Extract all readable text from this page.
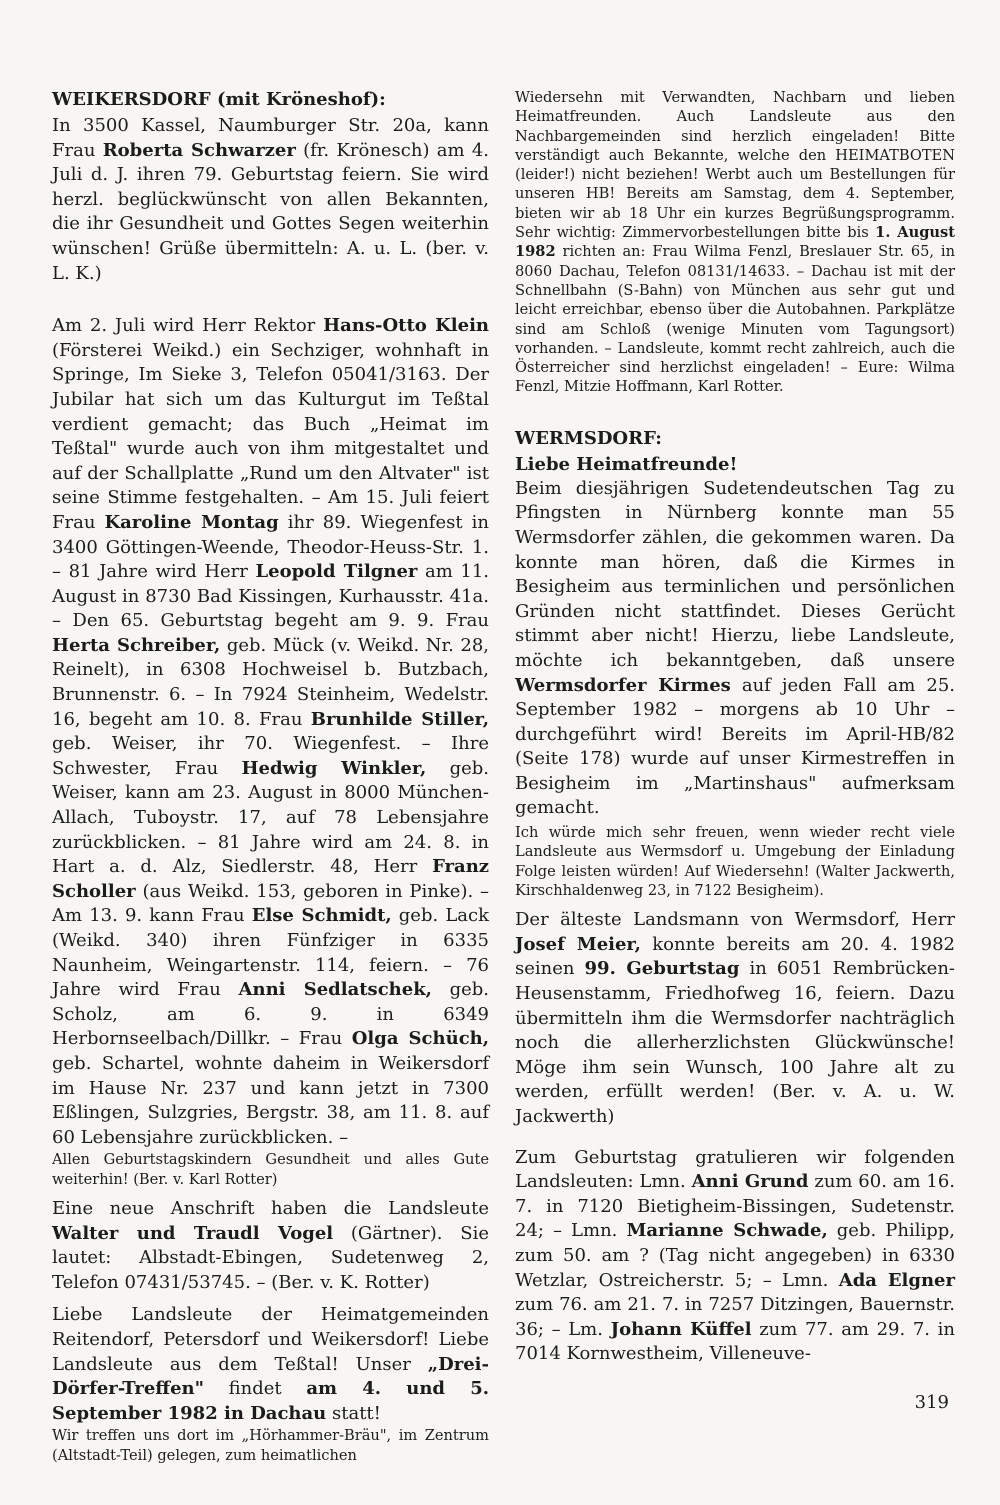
WEIKERSDORF (mit Kröneshof):

In 3500 Kassel, Naumburger Str. 20a, kann Frau Roberta Schwarzer (fr. Krönesch) am 4. Juli d. J. ihren 79. Geburtstag feiern. Sie wird herzl. beglückwünscht von allen Bekannten, die ihr Gesundheit und Gottes Segen weiterhin wünschen! Grüße übermitteln: A. u. L. (ber. v. L. K.)

Am 2. Juli wird Herr Rektor Hans-Otto Klein (Försterei Weikd.) ein Sechziger, wohnhaft in Springe, Im Sieke 3, Telefon 05041/3163. Der Jubilar hat sich um das Kulturgut im Teßtal verdient gemacht; das Buch „Heimat im Teßtal" wurde auch von ihm mitgestaltet und auf der Schallplatte „Rund um den Altvater" ist seine Stimme festgehalten. – Am 15. Juli feiert Frau Karoline Montag ihr 89. Wiegenfest in 3400 Göttingen-Weende, Theodor-Heuss-Str. 1. – 81 Jahre wird Herr Leopold Tilgner am 11. August in 8730 Bad Kissingen, Kurhausstr. 41a. – Den 65. Geburtstag begeht am 9. 9. Frau Herta Schreiber, geb. Mück (v. Weikd. Nr. 28, Reinelt), in 6308 Hochweisel b. Butzbach, Brunnenstr. 6. – In 7924 Steinheim, Wedelstr. 16, begeht am 10. 8. Frau Brunhilde Stiller, geb. Weiser, ihr 70. Wiegenfest. – Ihre Schwester, Frau Hedwig Winkler, geb. Weiser, kann am 23. August in 8000 München-Allach, Tuboystr. 17, auf 78 Lebensjahre zurückblicken. – 81 Jahre wird am 24. 8. in Hart a. d. Alz, Siedlerstr. 48, Herr Franz Scholler (aus Weikd. 153, geboren in Pinke). – Am 13. 9. kann Frau Else Schmidt, geb. Lack (Weikd. 340) ihren Fünfziger in 6335 Naunheim, Weingartenstr. 114, feiern. – 76 Jahre wird Frau Anni Sedlatschek, geb. Scholz, am 6. 9. in 6349 Herbornseelbach/Dillkr. – Frau Olga Schüch, geb. Schartel, wohnte daheim in Weikersdorf im Hause Nr. 237 und kann jetzt in 7300 Eßlingen, Sulzgries, Bergstr. 38, am 11. 8. auf 60 Lebensjahre zurückblicken. –

Allen Geburtstagskindern Gesundheit und alles Gute weiterhin! (Ber. v. Karl Rotter)

Eine neue Anschrift haben die Landsleute Walter und Traudl Vogel (Gärtner). Sie lautet: Albstadt-Ebingen, Sudetenweg 2, Telefon 07431/53745. – (Ber. v. K. Rotter)

Liebe Landsleute der Heimatgemeinden Reitendorf, Petersdorf und Weikersdorf! Liebe Landsleute aus dem Teßtal! Unser „Drei-Dörfer-Treffen" findet am 4. und 5. September 1982 in Dachau statt!

Wir treffen uns dort im „Hörhammer-Bräu", im Zentrum (Altstadt-Teil) gelegen, zum heimatlichen

Wiedersehn mit Verwandten, Nachbarn und lieben Heimatfreunden. Auch Landsleute aus den Nachbargemeinden sind herzlich eingeladen! Bitte verständigt auch Bekannte, welche den HEIMATBOTEN (leider!) nicht beziehen! Werbt auch um Bestellungen für unseren HB! Bereits am Samstag, dem 4. September, bieten wir ab 18 Uhr ein kurzes Begrüßungsprogramm. Sehr wichtig: Zimmervorbestellungen bitte bis 1. August 1982 richten an: Frau Wilma Fenzl, Breslauer Str. 65, in 8060 Dachau, Telefon 08131/14633. – Dachau ist mit der Schnellbahn (S-Bahn) von München aus sehr gut und leicht erreichbar, ebenso über die Autobahnen. Parkplätze sind am Schloß (wenige Minuten vom Tagungsort) vorhanden. – Landsleute, kommt recht zahlreich, auch die Österreicher sind herzlichst eingeladen! – Eure: Wilma Fenzl, Mitzie Hoffmann, Karl Rotter.

WERMSDORF:
Liebe Heimatfreunde!

Beim diesjährigen Sudetendeutschen Tag zu Pfingsten in Nürnberg konnte man 55 Wermsdorfer zählen, die gekommen waren. Da konnte man hören, daß die Kirmes in Besigheim aus terminlichen und persönlichen Gründen nicht stattfindet. Dieses Gerücht stimmt aber nicht! Hierzu, liebe Landsleute, möchte ich bekanntgeben, daß unsere Wermsdorfer Kirmes auf jeden Fall am 25. September 1982 – morgens ab 10 Uhr – durchgeführt wird! Bereits im April-HB/82 (Seite 178) wurde auf unser Kirmestreffen in Besigheim im „Martinshaus" aufmerksam gemacht.

Ich würde mich sehr freuen, wenn wieder recht viele Landsleute aus Wermsdorf u. Umgebung der Einladung Folge leisten würden! Auf Wiedersehn! (Walter Jackwerth, Kirschhaldenweg 23, in 7122 Besigheim).

Der älteste Landsmann von Wermsdorf, Herr Josef Meier, konnte bereits am 20. 4. 1982 seinen 99. Geburtstag in 6051 Rembrücken-Heusenstamm, Friedhofweg 16, feiern. Dazu übermitteln ihm die Wermsdorfer nachträglich noch die allerherzlichsten Glückwünsche! Möge ihm sein Wunsch, 100 Jahre alt zu werden, erfüllt werden! (Ber. v. A. u. W. Jackwerth)

Zum Geburtstag gratulieren wir folgenden Landsleuten: Lmn. Anni Grund zum 60. am 16. 7. in 7120 Bietigheim-Bissingen, Sudetenstr. 24; – Lmn. Marianne Schwade, geb. Philipp, zum 50. am ? (Tag nicht angegeben) in 6330 Wetzlar, Ostreicherstr. 5; – Lmn. Ada Elgner zum 76. am 21. 7. in 7257 Ditzingen, Bauernstr. 36; – Lm. Johann Küffel zum 77. am 29. 7. in 7014 Kornwestheim, Villeneuve-

319
